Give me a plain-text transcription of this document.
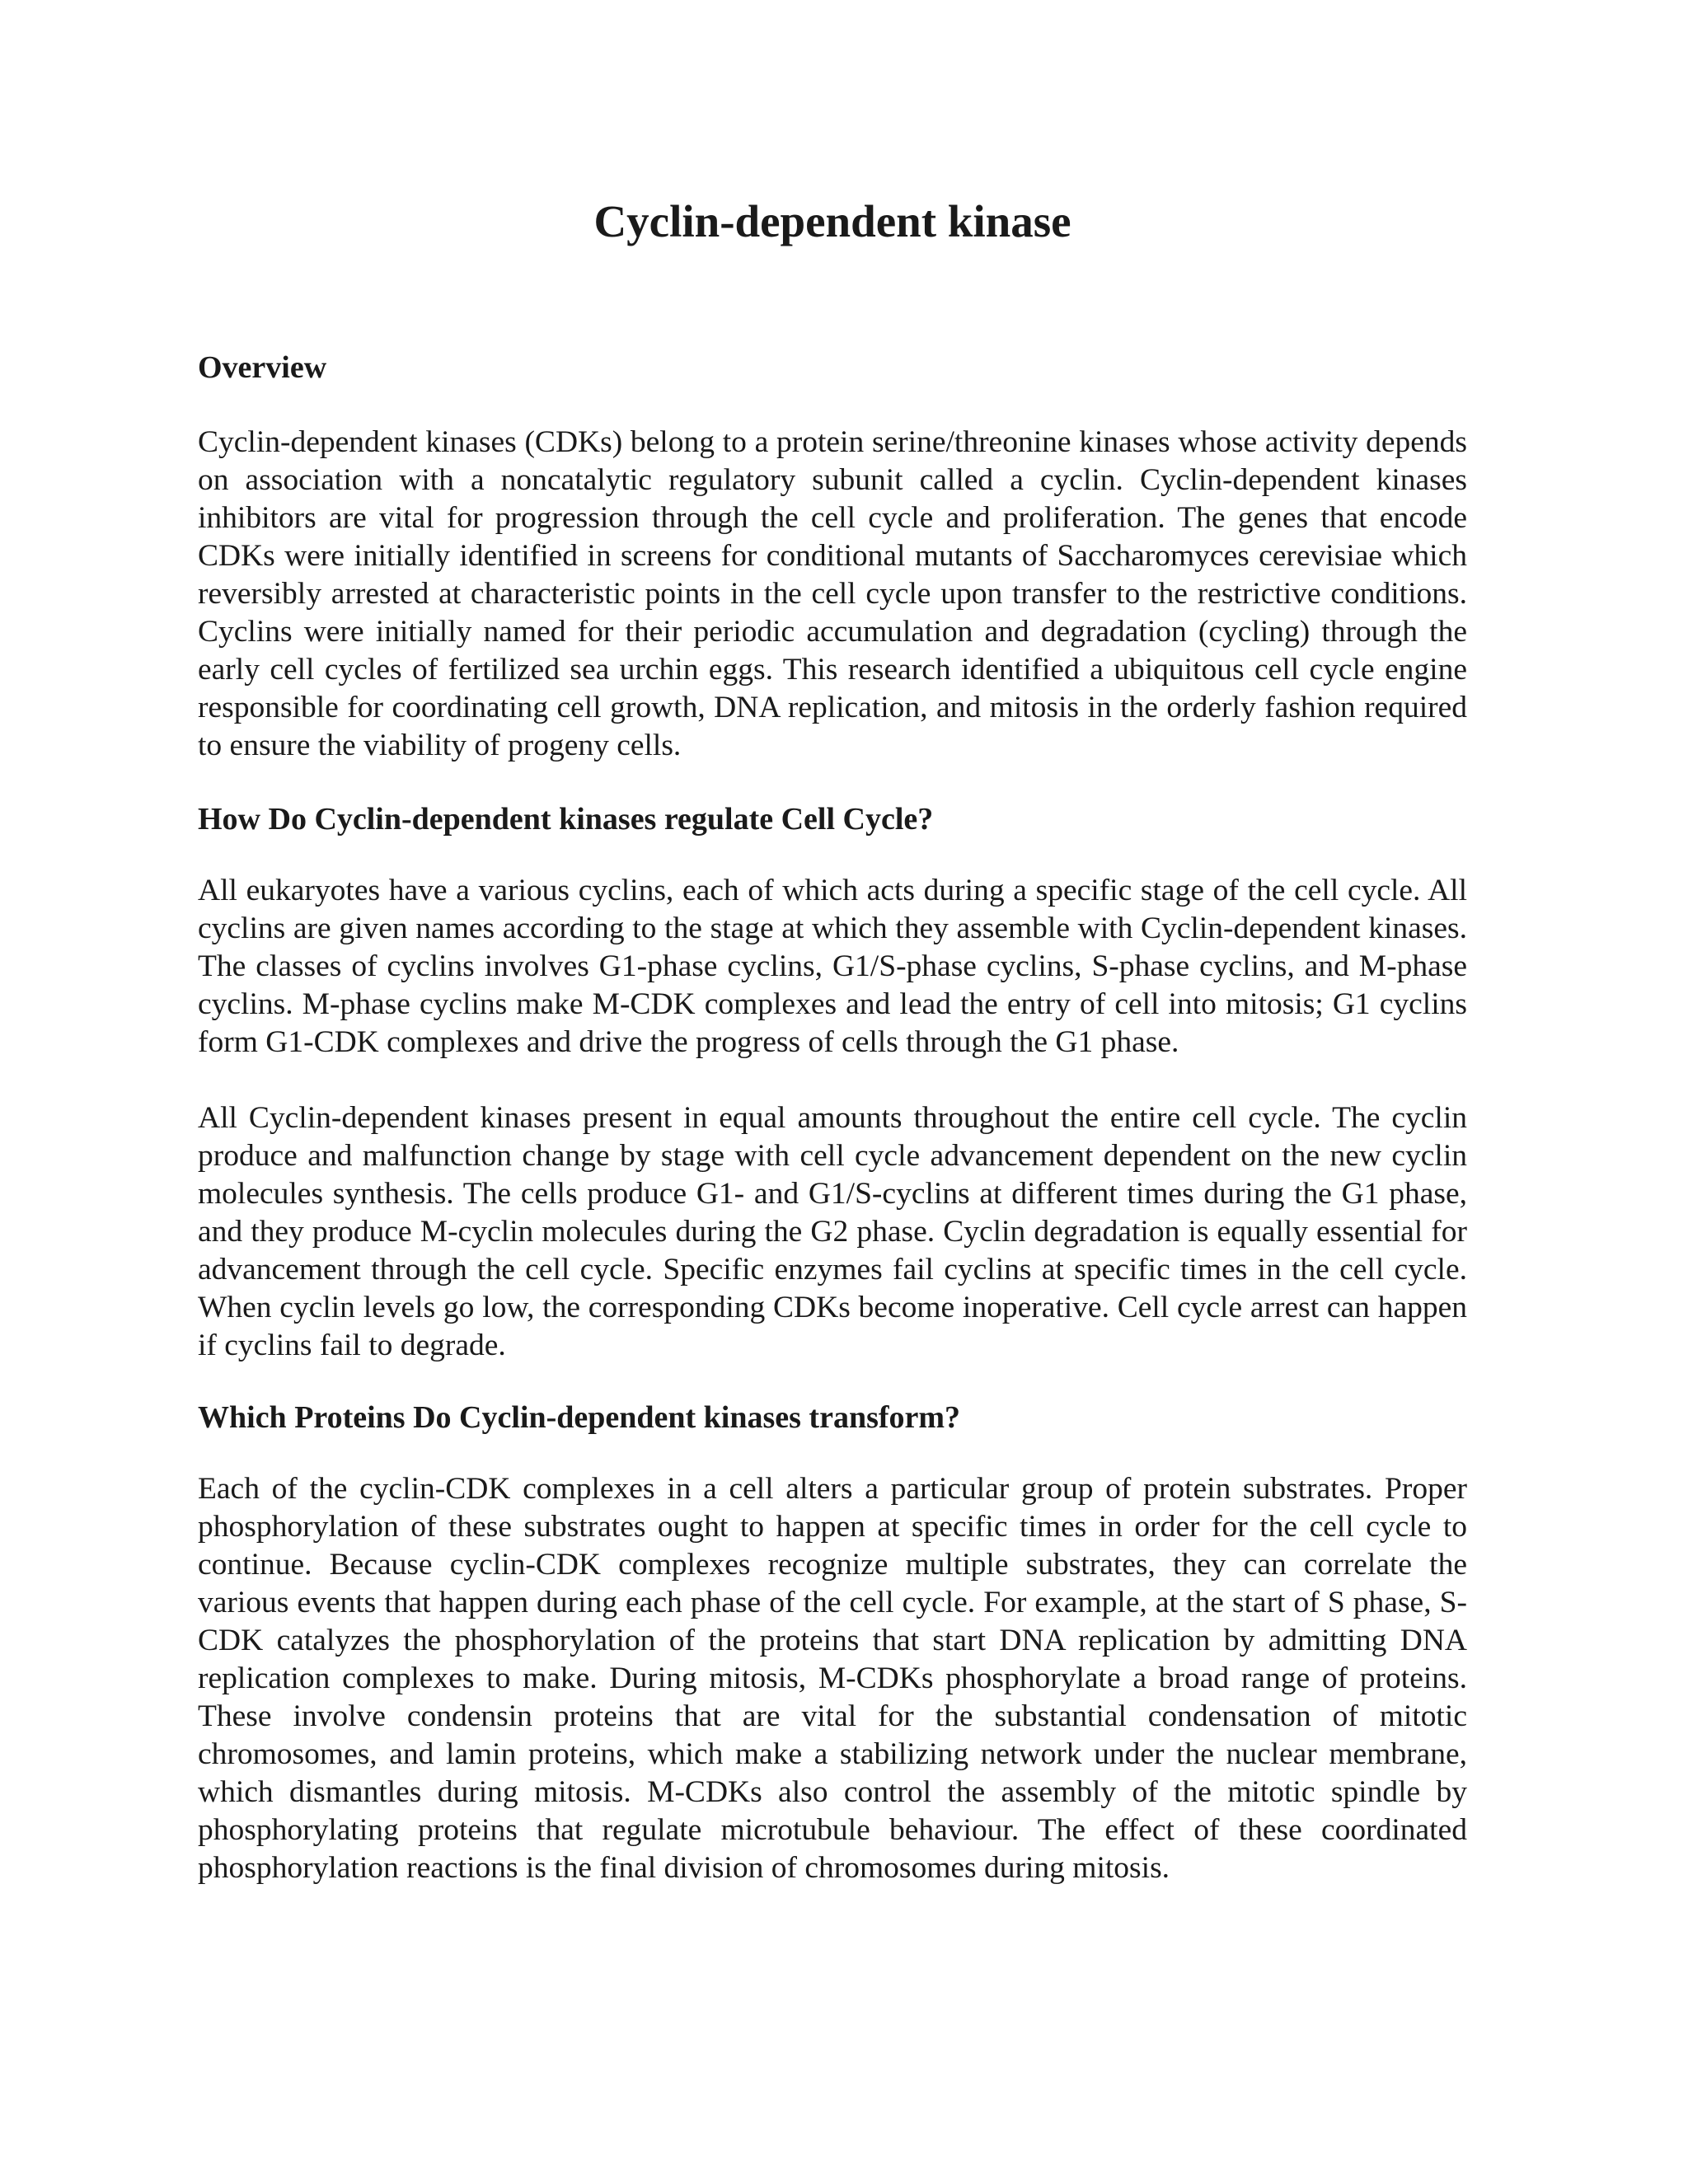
Cyclin-dependent kinase
Overview

Cyclin-dependent kinases (CDKs) belong to a protein serine/threonine kinases whose activity depends on association with a noncatalytic regulatory subunit called a cyclin. Cyclin-dependent kinases inhibitors are vital for progression through the cell cycle and proliferation. The genes that encode CDKs were initially identified in screens for conditional mutants of Saccharomyces cerevisiae which reversibly arrested at characteristic points in the cell cycle upon transfer to the restrictive conditions. Cyclins were initially named for their periodic accumulation and degradation (cycling) through the early cell cycles of fertilized sea urchin eggs. This research identified a ubiquitous cell cycle engine responsible for coordinating cell growth, DNA replication, and mitosis in the orderly fashion required to ensure the viability of progeny cells.

How Do Cyclin-dependent kinases regulate Cell Cycle?

All eukaryotes have a various cyclins, each of which acts during a specific stage of the cell cycle. All cyclins are given names according to the stage at which they assemble with Cyclin-dependent kinases. The classes of cyclins involves G1-phase cyclins, G1/S-phase cyclins, S-phase cyclins, and M-phase cyclins. M-phase cyclins make M-CDK complexes and lead the entry of cell into mitosis; G1 cyclins form G1-CDK complexes and drive the progress of cells through the G1 phase.

All Cyclin-dependent kinases present in equal amounts throughout the entire cell cycle. The cyclin produce and malfunction change by stage with cell cycle advancement dependent on the new cyclin molecules synthesis. The cells produce G1- and G1/S-cyclins at different times during the G1 phase, and they produce M-cyclin molecules during the G2 phase. Cyclin degradation is equally essential for advancement through the cell cycle. Specific enzymes fail cyclins at specific times in the cell cycle. When cyclin levels go low, the corresponding CDKs become inoperative. Cell cycle arrest can happen if cyclins fail to degrade.

Which Proteins Do Cyclin-dependent kinases transform?

Each of the cyclin-CDK complexes in a cell alters a particular group of protein substrates. Proper phosphorylation of these substrates ought to happen at specific times in order for the cell cycle to continue. Because cyclin-CDK complexes recognize multiple substrates, they can correlate the various events that happen during each phase of the cell cycle. For example, at the start of S phase, S-CDK catalyzes the phosphorylation of the proteins that start DNA replication by admitting DNA replication complexes to make. During mitosis, M-CDKs phosphorylate a broad range of proteins. These involve condensin proteins that are vital for the substantial condensation of mitotic chromosomes, and lamin proteins, which make a stabilizing network under the nuclear membrane, which dismantles during mitosis. M-CDKs also control the assembly of the mitotic spindle by phosphorylating proteins that regulate microtubule behaviour. The effect of these coordinated phosphorylation reactions is the final division of chromosomes during mitosis.
